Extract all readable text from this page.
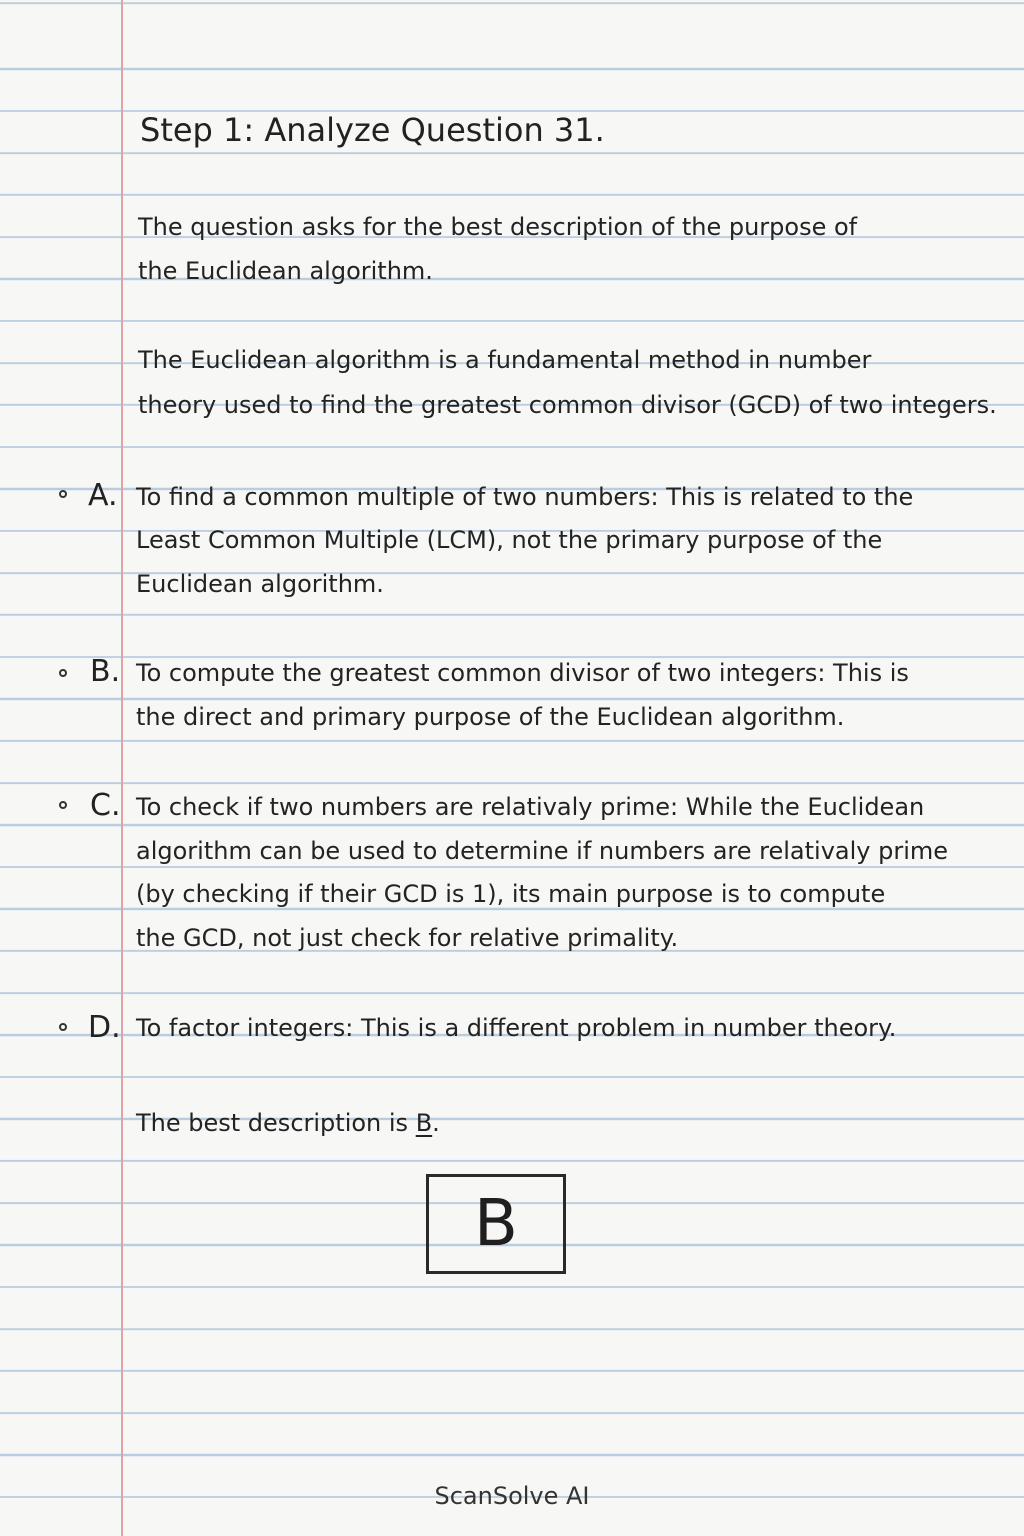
Step 1: Analyze Question 31.
The question asks for the best description of the purpose of
the Euclidean algorithm.
The Euclidean algorithm is a fundamental method in number
theory used to find the greatest common divisor (GCD) of two integers.
A. To find a common multiple of two numbers: This is related to the
Least Common Multiple (LCM), not the primary purpose of the
Euclidean algorithm.
B. To compute the greatest common divisor of two integers: This is
the direct and primary purpose of the Euclidean algorithm.
C. To check if two numbers are relativaly prime: While the Euclidean
algorithm can be used to determine if numbers are relativaly prime
(by checking if their GCD is 1), its main purpose is to compute
the GCD, not just check for relative primality.
D. To factor integers: This is a different problem in number theory.
The best description is B.
B
ScanSolve AI
